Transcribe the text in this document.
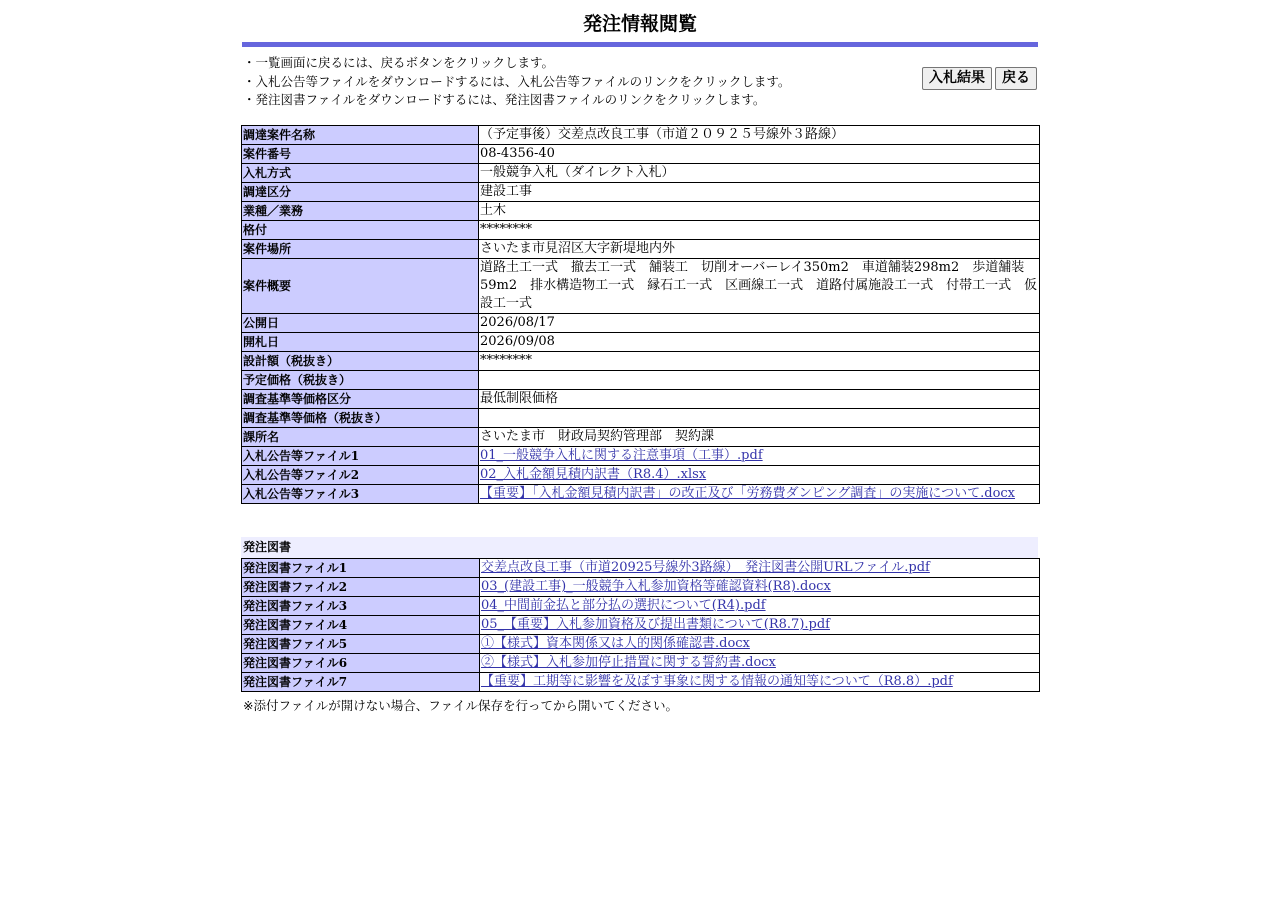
発注情報閲覧
・一覧画面に戻るには、戻るボタンをクリックします。
・入札公告等ファイルをダウンロードするには、入札公告等ファイルのリンクをクリックします。
・発注図書ファイルをダウンロードするには、発注図書ファイルのリンクをクリックします。
入札結果	戻る
調達案件名称	（予定事後）交差点改良工事（市道２０９２５号線外３路線）
案件番号	08-4356-40
入札方式	一般競争入札（ダイレクト入札）
調達区分	建設工事
業種／業務	土木
格付	********
案件場所	さいたま市見沼区大字新堤地内外
案件概要	道路土工一式　撤去工一式　舗装工　切削オーバーレイ350m2　車道舗装298m2　歩道舗装59m2　排水構造物工一式　縁石工一式　区画線工一式　道路付属施設工一式　付帯工一式　仮設工一式
公開日	2026/08/17
開札日	2026/09/08
設計額（税抜き）	********
予定価格（税抜き）	
調査基準等価格区分	最低制限価格
調査基準等価格（税抜き）	
課所名	さいたま市　財政局契約管理部　契約課
入札公告等ファイル1	01_一般競争入札に関する注意事項（工事）.pdf
入札公告等ファイル2	02_入札金額見積内訳書（R8.4）.xlsx
入札公告等ファイル3	【重要】「入札金額見積内訳書」の改正及び「労務費ダンピング調査」の実施について.docx
発注図書
発注図書ファイル1	交差点改良工事（市道20925号線外3路線）　発注図書公開URLファイル.pdf
発注図書ファイル2	03_(建設工事)_一般競争入札参加資格等確認資料(R8).docx
発注図書ファイル3	04_中間前金払と部分払の選択について(R4).pdf
発注図書ファイル4	05_【重要】入札参加資格及び提出書類について(R8.7).pdf
発注図書ファイル5	①【様式】資本関係又は人的関係確認書.docx
発注図書ファイル6	②【様式】入札参加停止措置に関する誓約書.docx
発注図書ファイル7	【重要】工期等に影響を及ぼす事象に関する情報の通知等について（R8.8）.pdf
※添付ファイルが開けない場合、ファイル保存を行ってから開いてください。
